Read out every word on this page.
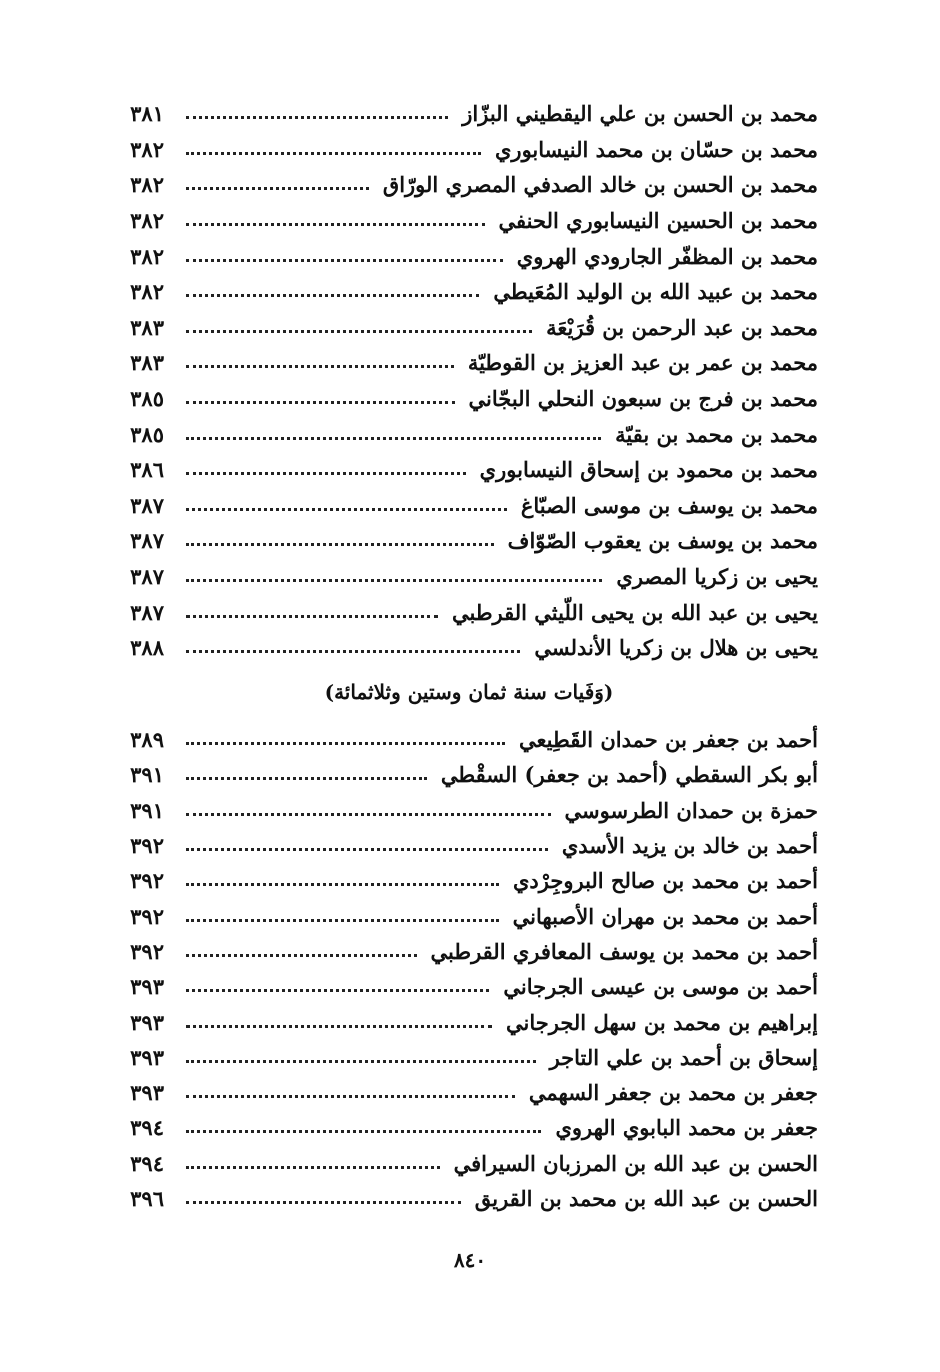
محمد بن الحسن بن علي اليقطيني البزّاز
٣٨١
محمد بن حسّان بن محمد النيسابوري
٣٨٢
محمد بن الحسن بن خالد الصدفي المصري الورّاق
٣٨٢
محمد بن الحسين النيسابوري الحنفي
٣٨٢
محمد بن المظفّر الجارودي الهروي
٣٨٢
محمد بن عبيد الله بن الوليد المُعَيطي
٣٨٢
محمد بن عبد الرحمن بن قُرَيْعَة
٣٨٣
محمد بن عمر بن عبد العزيز بن القوطيّة
٣٨٣
محمد بن فرج بن سبعون النحلي البجّاني
٣٨٥
محمد بن محمد بن بقيّة
٣٨٥
محمد بن محمود بن إسحاق النيسابوري
٣٨٦
محمد بن يوسف بن موسى الصبّاغ
٣٨٧
محمد بن يوسف بن يعقوب الصّوّاف
٣٨٧
يحيى بن زكريا المصري
٣٨٧
يحيى بن عبد الله بن يحيى اللّيثي القرطبي
٣٨٧
يحيى بن هلال بن زكريا الأندلسي
٣٨٨
(وَفَيات سنة ثمان وستين وثلاثمائة)
أحمد بن جعفر بن حمدان القَطِيعي
٣٨٩
أبو بكر السقطي (أحمد بن جعفر) السقْطي
٣٩١
حمزة بن حمدان الطرسوسي
٣٩١
أحمد بن خالد بن يزيد الأسدي
٣٩٢
أحمد بن محمد بن صالح البروجِرْدي
٣٩٢
أحمد بن محمد بن مهران الأصبهاني
٣٩٢
أحمد بن محمد بن يوسف المعافري القرطبي
٣٩٢
أحمد بن موسى بن عيسى الجرجاني
٣٩٣
إبراهيم بن محمد بن سهل الجرجاني
٣٩٣
إسحاق بن أحمد بن علي التاجر
٣٩٣
جعفر بن محمد بن جعفر السهمي
٣٩٣
جعفر بن محمد البابوي الهروي
٣٩٤
الحسن بن عبد الله بن المرزبان السيرافي
٣٩٤
الحسن بن عبد الله بن محمد بن القريق
٣٩٦
٨٤٠
